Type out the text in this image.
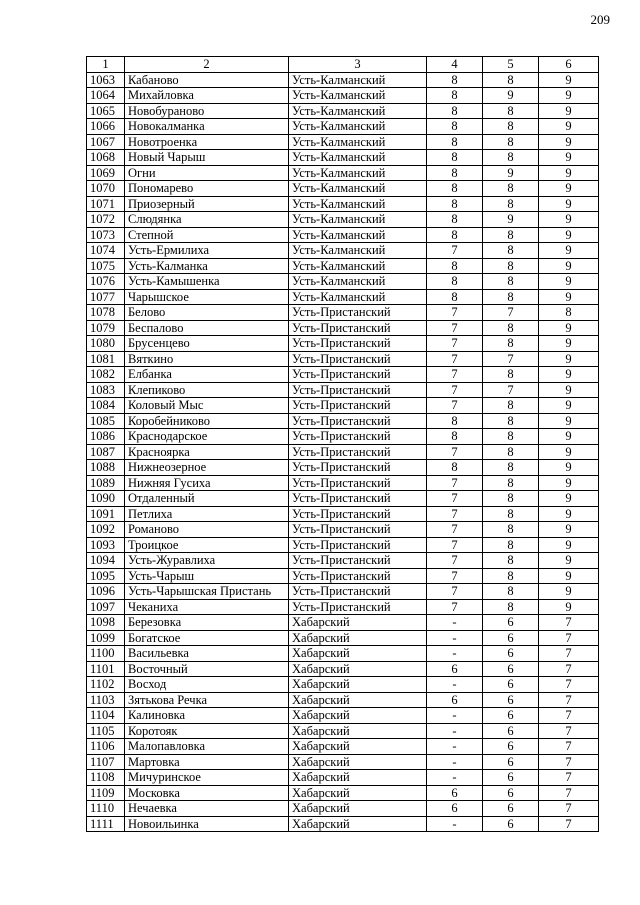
209
1	2	3	4	5	6
1063	Кабаново	Усть-Калманский	8	8	9
1064	Михайловка	Усть-Калманский	8	9	9
1065	Новобураново	Усть-Калманский	8	8	9
1066	Новокалманка	Усть-Калманский	8	8	9
1067	Новотроенка	Усть-Калманский	8	8	9
1068	Новый Чарыш	Усть-Калманский	8	8	9
1069	Огни	Усть-Калманский	8	9	9
1070	Пономарево	Усть-Калманский	8	8	9
1071	Приозерный	Усть-Калманский	8	8	9
1072	Слюдянка	Усть-Калманский	8	9	9
1073	Степной	Усть-Калманский	8	8	9
1074	Усть-Ермилиха	Усть-Калманский	7	8	9
1075	Усть-Калманка	Усть-Калманский	8	8	9
1076	Усть-Камышенка	Усть-Калманский	8	8	9
1077	Чарышское	Усть-Калманский	8	8	9
1078	Белово	Усть-Пристанский	7	7	8
1079	Беспалово	Усть-Пристанский	7	8	9
1080	Брусенцево	Усть-Пристанский	7	8	9
1081	Вяткино	Усть-Пристанский	7	7	9
1082	Елбанка	Усть-Пристанский	7	8	9
1083	Клепиково	Усть-Пристанский	7	7	9
1084	Коловый Мыс	Усть-Пристанский	7	8	9
1085	Коробейниково	Усть-Пристанский	8	8	9
1086	Краснодарское	Усть-Пристанский	8	8	9
1087	Красноярка	Усть-Пристанский	7	8	9
1088	Нижнеозерное	Усть-Пристанский	8	8	9
1089	Нижняя Гусиха	Усть-Пристанский	7	8	9
1090	Отдаленный	Усть-Пристанский	7	8	9
1091	Петлиха	Усть-Пристанский	7	8	9
1092	Романово	Усть-Пристанский	7	8	9
1093	Троицкое	Усть-Пристанский	7	8	9
1094	Усть-Журавлиха	Усть-Пристанский	7	8	9
1095	Усть-Чарыш	Усть-Пристанский	7	8	9
1096	Усть-Чарышская Пристань	Усть-Пристанский	7	8	9
1097	Чеканиха	Усть-Пристанский	7	8	9
1098	Березовка	Хабарский	-	6	7
1099	Богатское	Хабарский	-	6	7
1100	Васильевка	Хабарский	-	6	7
1101	Восточный	Хабарский	6	6	7
1102	Восход	Хабарский	-	6	7
1103	Зятькова Речка	Хабарский	6	6	7
1104	Калиновка	Хабарский	-	6	7
1105	Коротояк	Хабарский	-	6	7
1106	Малопавловка	Хабарский	-	6	7
1107	Мартовка	Хабарский	-	6	7
1108	Мичуринское	Хабарский	-	6	7
1109	Московка	Хабарский	6	6	7
1110	Нечаевка	Хабарский	6	6	7
1111	Новоильинка	Хабарский	-	6	7
